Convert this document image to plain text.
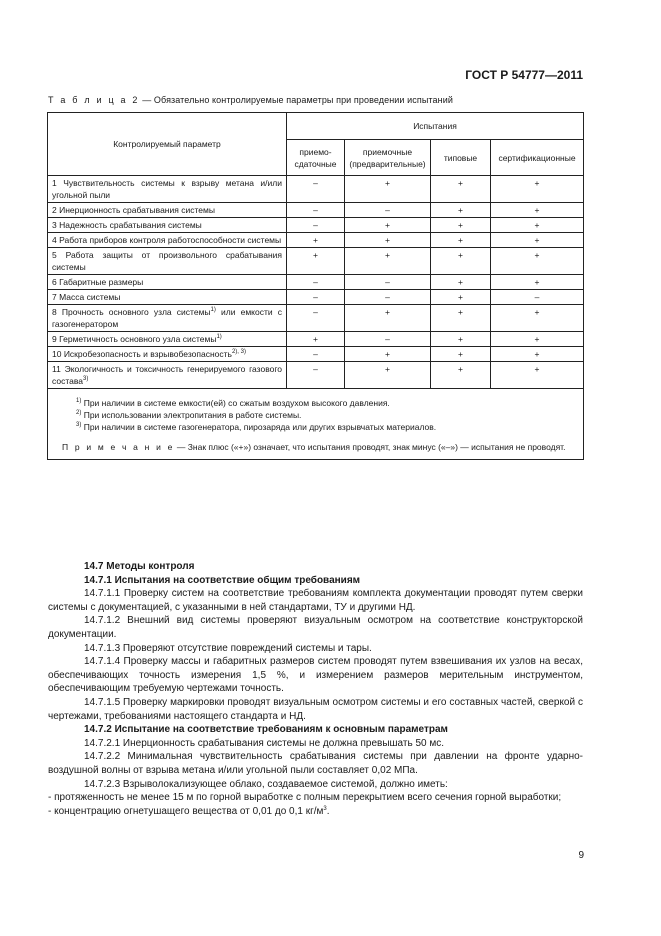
ГОСТ Р 54777—2011
Т а б л и ц а 2 — Обязательно контролируемые параметры при проведении испытаний
Контролируемый параметр	Испытания			
	приемо-сдаточные	приемочные (предварительные)	типовые	сертификационные
1 Чувствительность системы к взрыву метана и/или угольной пыли	–	+	+	+
2 Инерционность срабатывания системы	–	–	+	+
3 Надежность срабатывания системы	–	+	+	+
4 Работа приборов контроля работоспособности системы	+	+	+	+
5 Работа защиты от произвольного срабатывания системы	+	+	+	+
6 Габаритные размеры	–	–	+	+
7 Масса системы	–	–	+	–
8 Прочность основного узла системы$^{1)}$ или емкости с газогенератором	–	+	+	+
9 Герметичность основного узла системы$^{1)}$	+	–	+	+
10 Искробезопасность и взрывобезопасность$^{2), 3)}$	–	+	+	+
11 Экологичность и токсичность генерируемого газового состава$^{3)}$	–	+	+	+

$^{1)}$ При наличии в системе емкости(ей) со сжатым воздухом высокого давления.
$^{2)}$ При использовании электропитания в работе системы.
$^{3)}$ При наличии в системе газогенератора, пирозаряда или других взрывчатых материалов.
П р и м е ч а н и е — Знак плюс («+») означает, что испытания проводят, знак минус («–») — испытания не проводят.				

14.7 Методы контроля

14.7.1 Испытания на соответствие общим требованиям

14.7.1.1 Проверку систем на соответствие требованиям комплекта документации проводят путем сверки системы с документацией, с указанными в ней стандартами, ТУ и другими НД.

14.7.1.2 Внешний вид системы проверяют визуальным осмотром на соответствие конструкторской документации.

14.7.1.3 Проверяют отсутствие повреждений системы и тары.

14.7.1.4 Проверку массы и габаритных размеров систем проводят путем взвешивания их узлов на весах, обеспечивающих точность измерения 1,5 %, и измерением размеров мерительным инструментом, обеспечивающим требуемую чертежами точность.

14.7.1.5 Проверку маркировки проводят визуальным осмотром системы и его составных частей, сверкой с чертежами, требованиями настоящего стандарта и НД.

14.7.2 Испытание на соответствие требованиям к основным параметрам

14.7.2.1 Инерционность срабатывания системы не должна превышать 50 мс.

14.7.2.2 Минимальная чувствительность срабатывания системы при давлении на фронте ударно-воздушной волны от взрыва метана и/или угольной пыли составляет 0,02 МПа.

14.7.2.3 Взрыволокализующее облако, создаваемое системой, должно иметь:

- протяженность не менее 15 м по горной выработке с полным перекрытием всего сечения горной выработки;

- концентрацию огнетушащего вещества от 0,01 до 0,1 $кг/м^3$.

9
